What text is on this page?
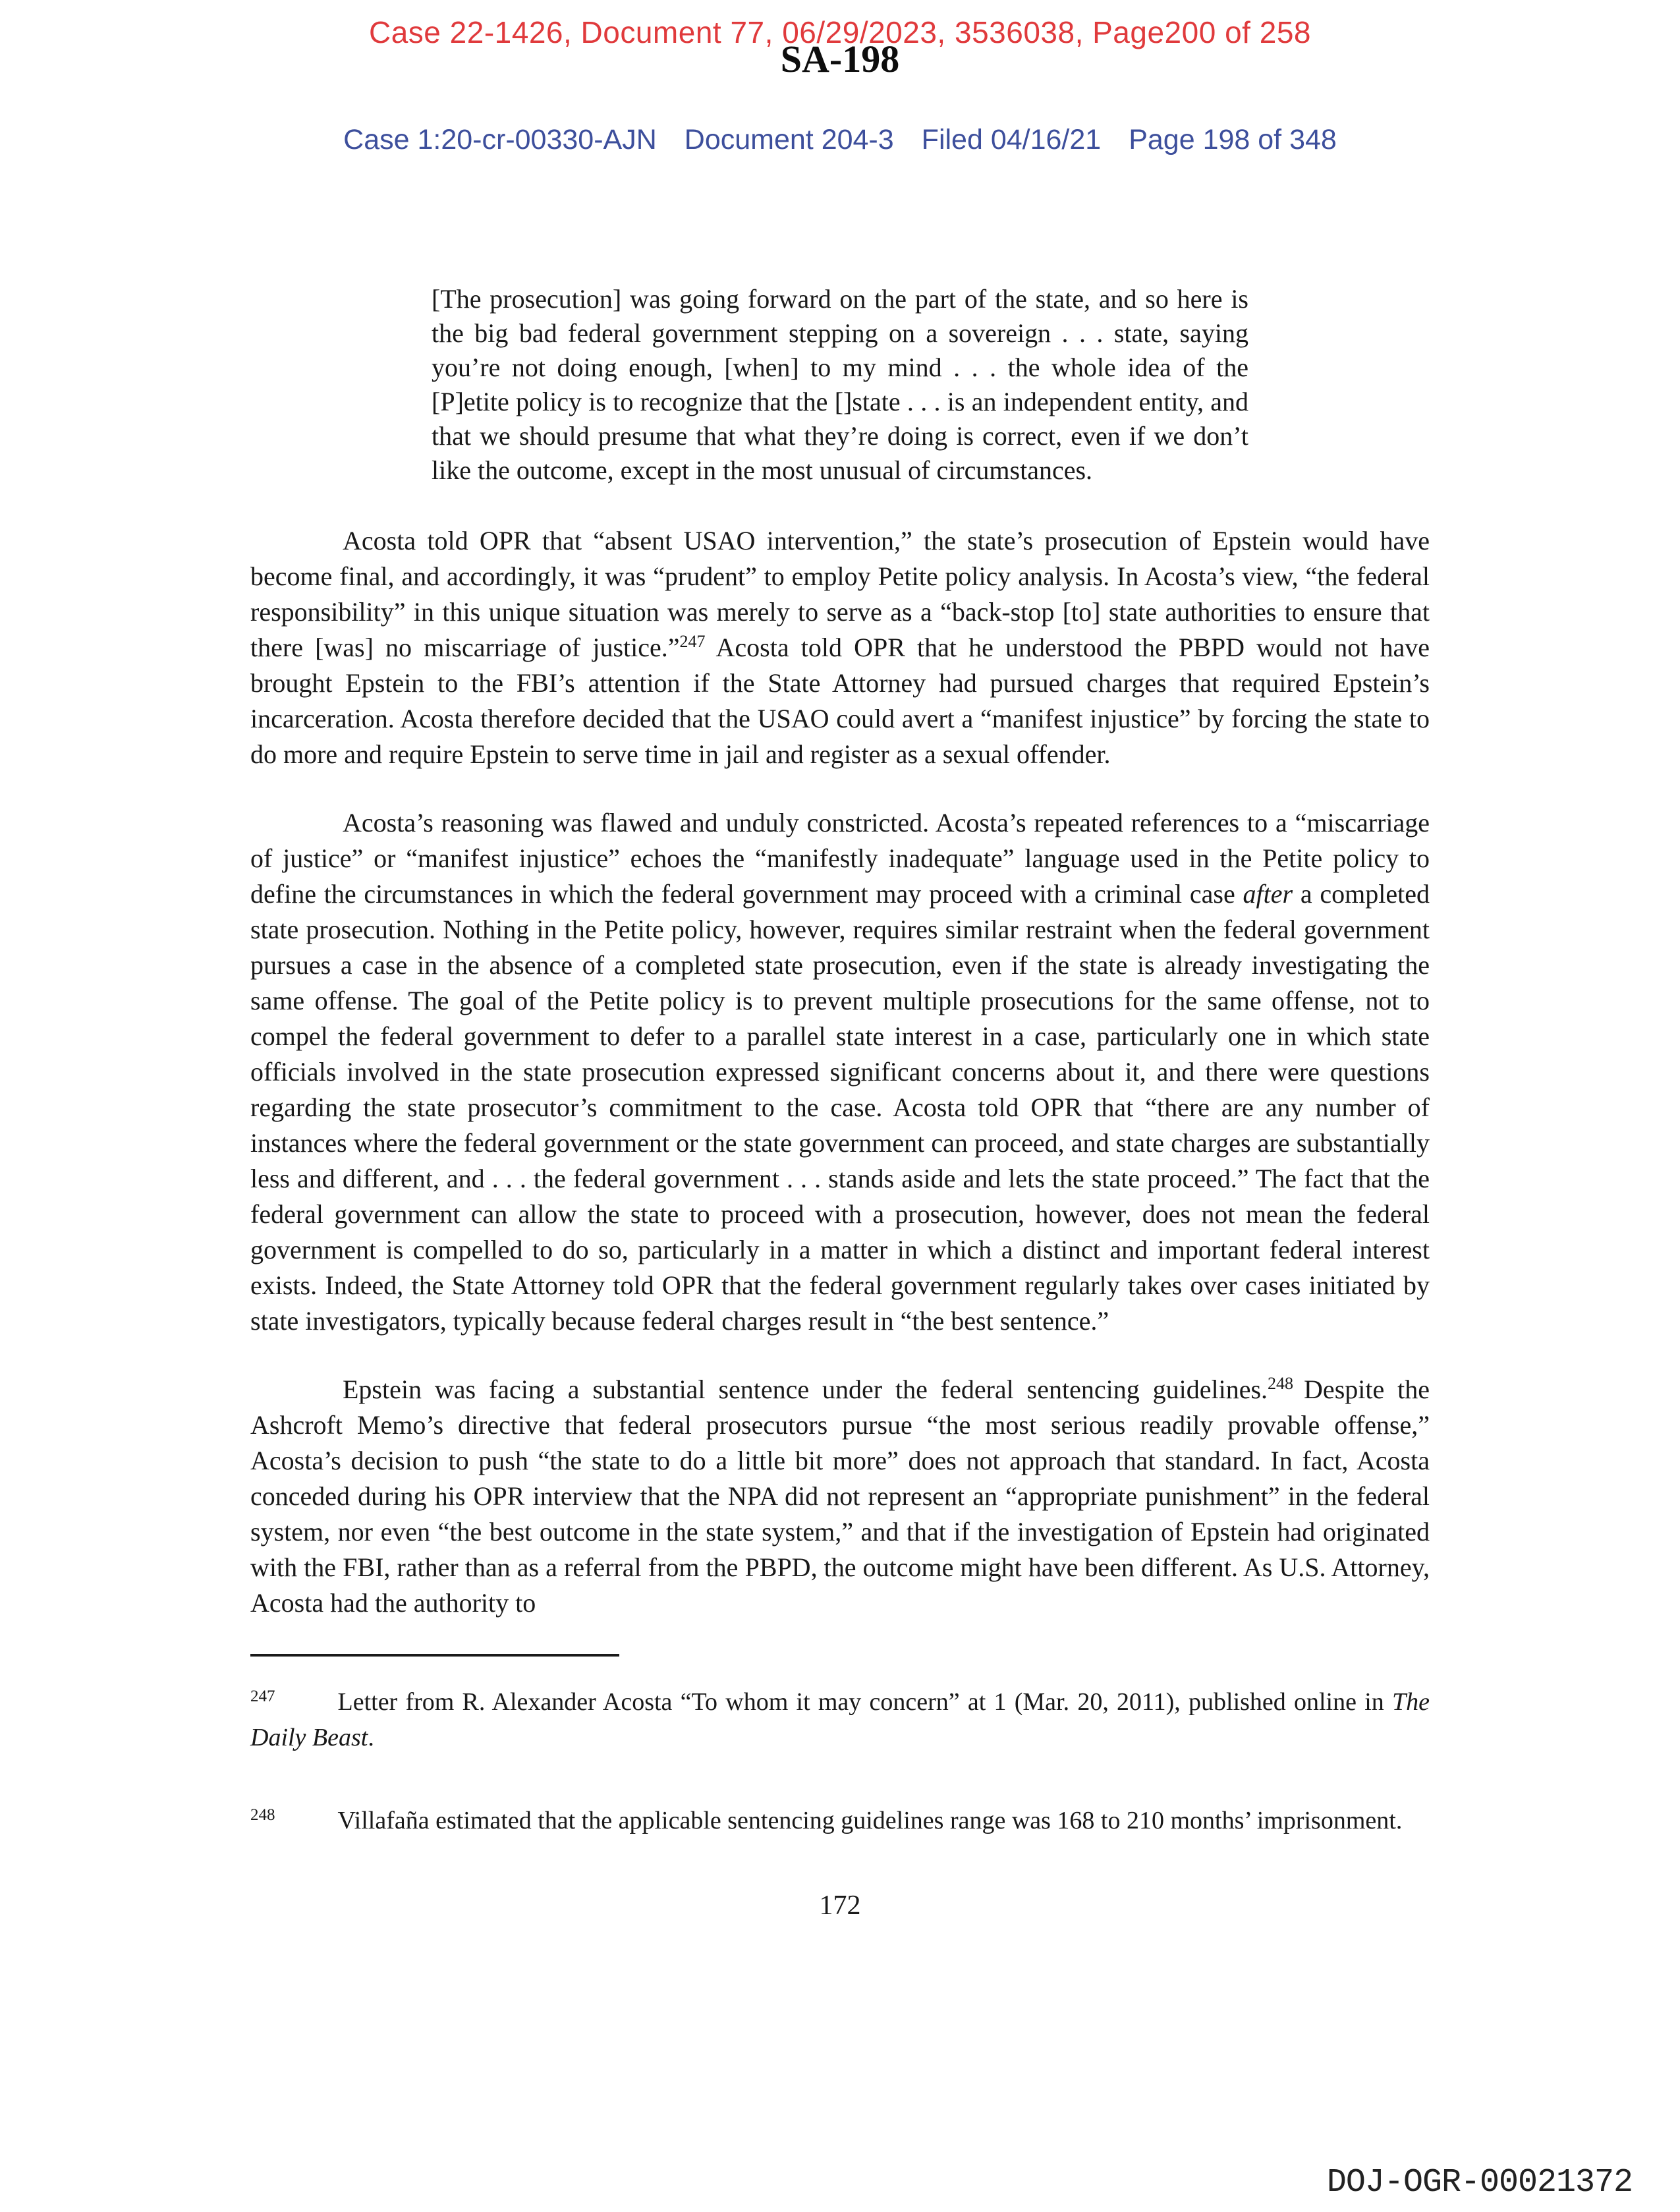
Case 22-1426, Document 77, 06/29/2023, 3536038, Page200 of 258
SA-198
Case 1:20-cr-00330-AJN Document 204-3 Filed 04/16/21 Page 198 of 348
[The prosecution] was going forward on the part of the state, and so here is the big bad federal government stepping on a sovereign . . . state, saying you’re not doing enough, [when] to my mind . . . the whole idea of the [P]etite policy is to recognize that the []state . . . is an independent entity, and that we should presume that what they’re doing is correct, even if we don’t like the outcome, except in the most unusual of circumstances.

Acosta told OPR that “absent USAO intervention,” the state’s prosecution of Epstein would have become final, and accordingly, it was “prudent” to employ Petite policy analysis. In Acosta’s view, “the federal responsibility” in this unique situation was merely to serve as a “back-stop [to] state authorities to ensure that there [was] no miscarriage of justice.”$^{247}$ Acosta told OPR that he understood the PBPD would not have brought Epstein to the FBI’s attention if the State Attorney had pursued charges that required Epstein’s incarceration. Acosta therefore decided that the USAO could avert a “manifest injustice” by forcing the state to do more and require Epstein to serve time in jail and register as a sexual offender.

Acosta’s reasoning was flawed and unduly constricted. Acosta’s repeated references to a “miscarriage of justice” or “manifest injustice” echoes the “manifestly inadequate” language used in the Petite policy to define the circumstances in which the federal government may proceed with a criminal case after a completed state prosecution. Nothing in the Petite policy, however, requires similar restraint when the federal government pursues a case in the absence of a completed state prosecution, even if the state is already investigating the same offense. The goal of the Petite policy is to prevent multiple prosecutions for the same offense, not to compel the federal government to defer to a parallel state interest in a case, particularly one in which state officials involved in the state prosecution expressed significant concerns about it, and there were questions regarding the state prosecutor’s commitment to the case. Acosta told OPR that “there are any number of instances where the federal government or the state government can proceed, and state charges are substantially less and different, and . . . the federal government . . . stands aside and lets the state proceed.” The fact that the federal government can allow the state to proceed with a prosecution, however, does not mean the federal government is compelled to do so, particularly in a matter in which a distinct and important federal interest exists. Indeed, the State Attorney told OPR that the federal government regularly takes over cases initiated by state investigators, typically because federal charges result in “the best sentence.”

Epstein was facing a substantial sentence under the federal sentencing guidelines.$^{248}$ Despite the Ashcroft Memo’s directive that federal prosecutors pursue “the most serious readily provable offense,” Acosta’s decision to push “the state to do a little bit more” does not approach that standard. In fact, Acosta conceded during his OPR interview that the NPA did not represent an “appropriate punishment” in the federal system, nor even “the best outcome in the state system,” and that if the investigation of Epstein had originated with the FBI, rather than as a referral from the PBPD, the outcome might have been different. As U.S. Attorney, Acosta had the authority to

$^{247}$	Letter from R. Alexander Acosta “To whom it may concern” at 1 (Mar. 20, 2011), published online in The Daily Beast.
$^{248}$	Villafaña estimated that the applicable sentencing guidelines range was 168 to 210 months’ imprisonment.
172
DOJ-OGR-00021372
